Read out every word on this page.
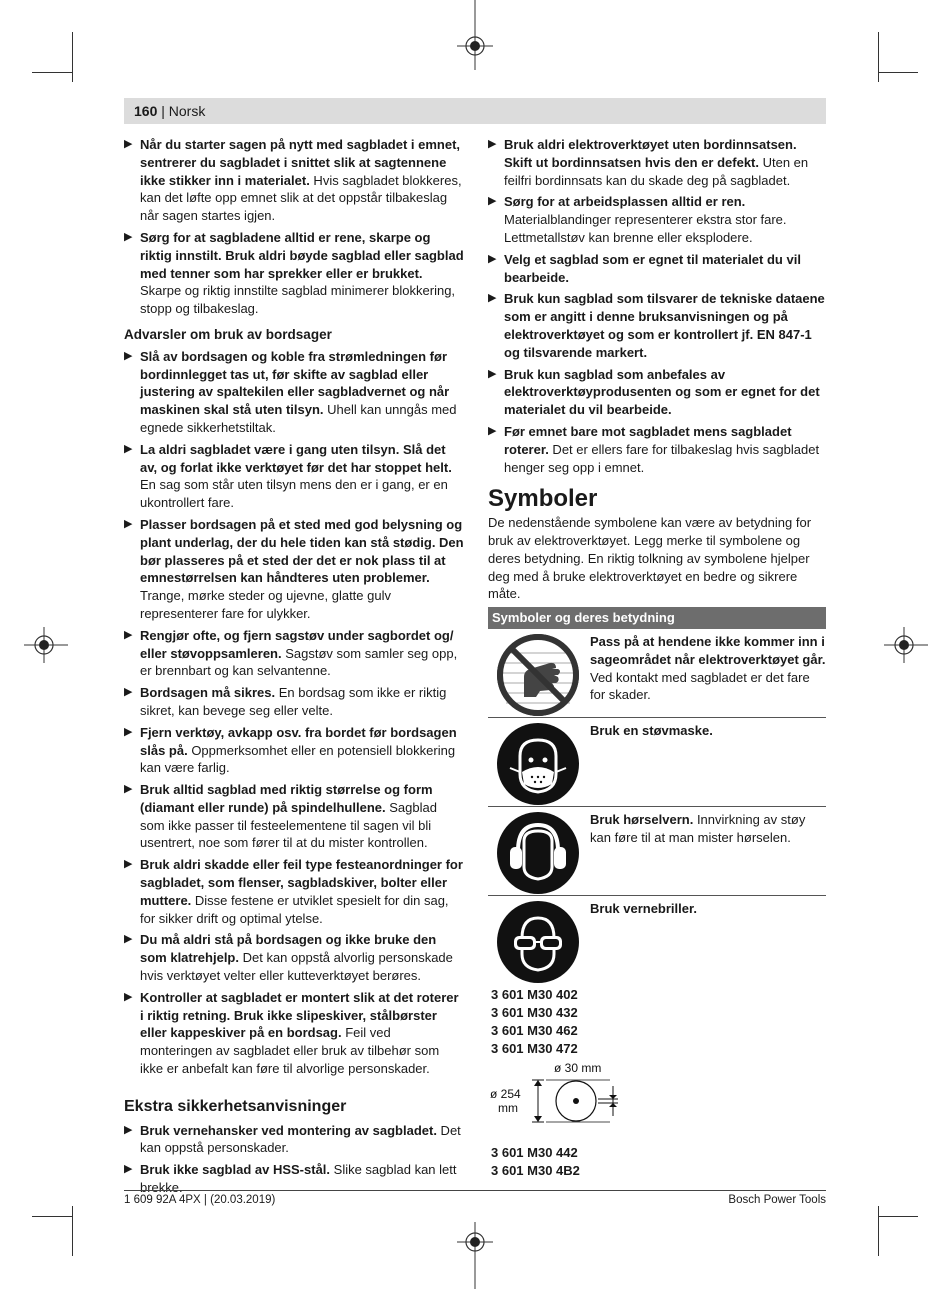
160 | Norsk
▶ Når du starter sagen på nytt med sagbladet i emnet, sentrerer du sagbladet i snittet slik at sagtennene ikke stikker inn i materialet. Hvis sagbladet blokkeres, kan det løfte opp emnet slik at det oppstår tilbakeslag når sagen startes igjen.
▶ Sørg for at sagbladene alltid er rene, skarpe og riktig innstilt. Bruk aldri bøyde sagblad eller sagblad med tenner som har sprekker eller er brukket. Skarpe og riktig innstilte sagblad minimerer blokkering, stopp og tilbakeslag.
Advarsler om bruk av bordsager
▶ Slå av bordsagen og koble fra strømledningen før bordinnlegget tas ut, før skifte av sagblad eller justering av spaltekilen eller sagbladvernet og når maskinen skal stå uten tilsyn. Uhell kan unngås med egnede sikkerhetstiltak.
▶ La aldri sagbladet være i gang uten tilsyn. Slå det av, og forlat ikke verktøyet før det har stoppet helt. En sag som står uten tilsyn mens den er i gang, er en ukontrollert fare.
▶ Plasser bordsagen på et sted med god belysning og plant underlag, der du hele tiden kan stå stødig. Den bør plasseres på et sted der det er nok plass til at emnestørrelsen kan håndteres uten problemer. Trange, mørke steder og ujevne, glatte gulv representerer fare for ulykker.
▶ Rengjør ofte, og fjern sagstøv under sagbordet og/ eller støvoppsamleren. Sagstøv som samler seg opp, er brennbart og kan selvantenne.
▶ Bordsagen må sikres. En bordsag som ikke er riktig sikret, kan bevege seg eller velte.
▶ Fjern verktøy, avkapp osv. fra bordet før bordsagen slås på. Oppmerksomhet eller en potensiell blokkering kan være farlig.
▶ Bruk alltid sagblad med riktig størrelse og form (diamant eller runde) på spindelhullene. Sagblad som ikke passer til festeelementene til sagen vil bli usentrert, noe som fører til at du mister kontrollen.
▶ Bruk aldri skadde eller feil type festeanordninger for sagbladet, som flenser, sagbladskiver, bolter eller muttere. Disse festene er utviklet spesielt for din sag, for sikker drift og optimal ytelse.
▶ Du må aldri stå på bordsagen og ikke bruke den som klatrehjelp. Det kan oppstå alvorlig personskade hvis verktøyet velter eller kutteverktøyet berøres.
▶ Kontroller at sagbladet er montert slik at det roterer i riktig retning. Bruk ikke slipeskiver, stålbørster eller kappeskiver på en bordsag. Feil ved monteringen av sagbladet eller bruk av tilbehør som ikke er anbefalt kan føre til alvorlige personskader.
Ekstra sikkerhetsanvisninger
▶ Bruk vernehansker ved montering av sagbladet. Det kan oppstå personskader.
▶ Bruk ikke sagblad av HSS-stål. Slike sagblad kan lett brekke.
▶ Bruk aldri elektroverktøyet uten bordinnsatsen. Skift ut bordinnsatsen hvis den er defekt. Uten en feilfri bordinnsats kan du skade deg på sagbladet.
▶ Sørg for at arbeidsplassen alltid er ren. Materialblandinger representerer ekstra stor fare. Lettmetallstøv kan brenne eller eksplodere.
▶ Velg et sagblad som er egnet til materialet du vil bearbeide.
▶ Bruk kun sagblad som tilsvarer de tekniske dataene som er angitt i denne bruksanvisningen og på elektroverktøyet og som er kontrollert jf. EN 847-1 og tilsvarende markert.
▶ Bruk kun sagblad som anbefales av elektroverktøyprodusenten og som er egnet for det materialet du vil bearbeide.
▶ Før emnet bare mot sagbladet mens sagbladet roterer. Det er ellers fare for tilbakeslag hvis sagbladet henger seg opp i emnet.
Symboler

De nedenstående symbolene kan være av betydning for bruk av elektroverktøyet. Legg merke til symbolene og deres betydning. En riktig tolkning av symbolene hjelper deg med å bruke elektroverktøyet en bedre og sikrere måte.

Symboler og deres betydning
Pass på at hendene ikke kommer inn i sageområdet når elektroverktøyet går. Ved kontakt med sagbladet er det fare for skader.
Bruk en støvmaske.
Bruk hørselvern. Innvirkning av støy kan føre til at man mister hørselen.
Bruk vernebriller.
3 601 M30 402
3 601 M30 432
3 601 M30 462
3 601 M30 472
ø 30 mm
ø 254
mm
3 601 M30 442
3 601 M30 4B2
1 609 92A 4PX | (20.03.2019)	Bosch Power Tools
